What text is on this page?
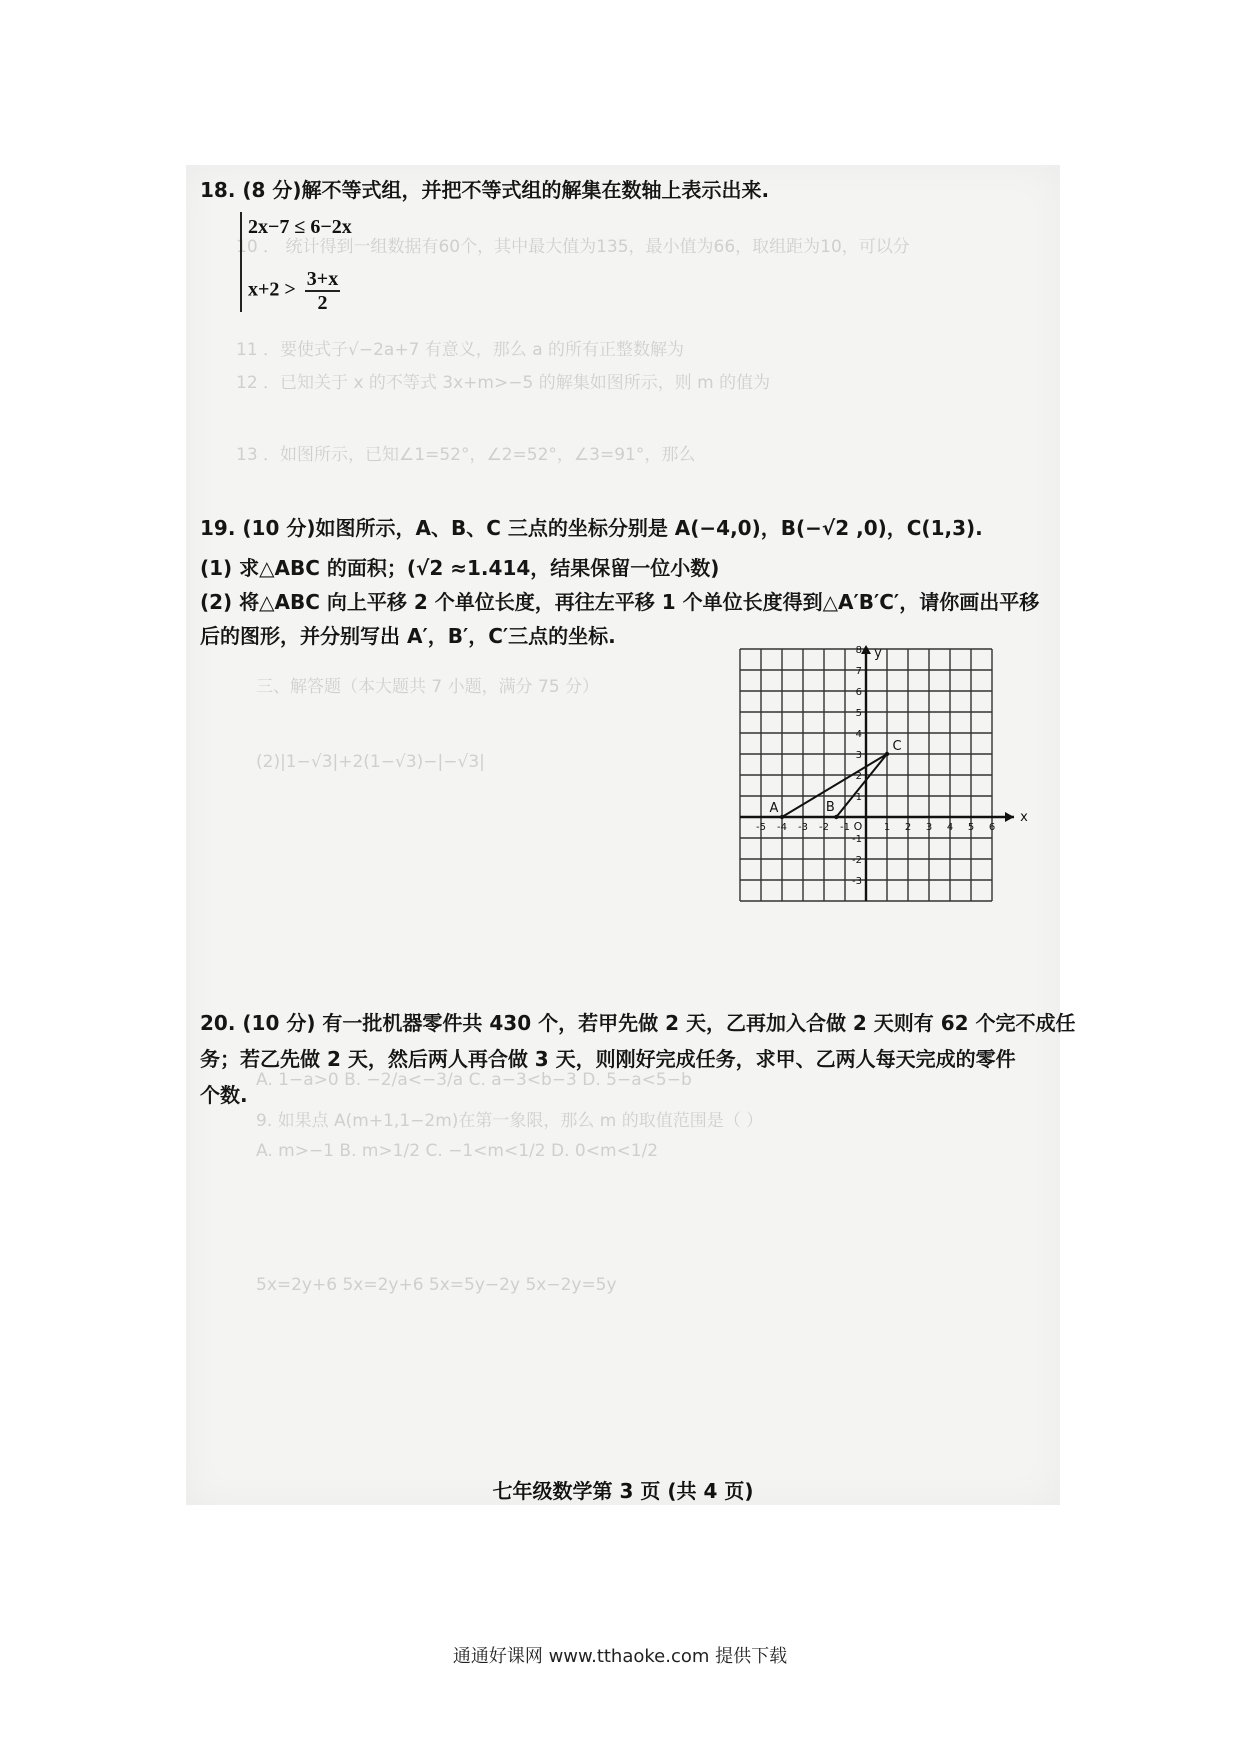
10 ． 统计得到一组数据有60个，其中最大值为135，最小值为66，取组距为10，可以分
11 ．要使式子√−2a+7 有意义，那么 a 的所有正整数解为
12 ．已知关于 x 的不等式 3x+m>−5 的解集如图所示，则 m 的值为
13 ．如图所示，已知∠1=52°，∠2=52°，∠3=91°，那么
三、解答题（本大题共 7 小题，满分 75 分）
(2)|1−√3|+2(1−√3)−|−√3|
A. 1−a>0 B. −2/a<−3/a C. a−3<b−3 D. 5−a<5−b
9. 如果点 A(m+1,1−2m)在第一象限，那么 m 的取值范围是（ ）
A. m>−1 B. m>1/2 C. −1<m<1/2 D. 0<m<1/2
5x=2y+6 5x=2y+6 5x=5y−2y 5x−2y=5y
18. (8 分)解不等式组，并把不等式组的解集在数轴上表示出来.
2x−7 ≤ 6−2x
$x+2 > \frac{3+x}{2}$
19. (10 分)如图所示，A、B、C 三点的坐标分别是 A(−4,0)，B(−√2 ,0)，C(1,3).
(1) 求△ABC 的面积；(√2 ≈1.414，结果保留一位小数)
(2) 将△ABC 向上平移 2 个单位长度，再往左平移 1 个单位长度得到△A′B′C′，请你画出平移
后的图形，并分别写出 A′，B′，C′三点的坐标.
x
y
O
-5 -4 -3 -2 -1	1 2 3 4 5 6
8
7
6
5
4
3
2
1
-1
-2
-3
A	B
C
20. (10 分) 有一批机器零件共 430 个，若甲先做 2 天，乙再加入合做 2 天则有 62 个完不成任
务；若乙先做 2 天，然后两人再合做 3 天，则刚好完成任务，求甲、乙两人每天完成的零件
个数.
七年级数学第 3 页 (共 4 页)
通通好课网 www.tthaoke.com 提供下载
